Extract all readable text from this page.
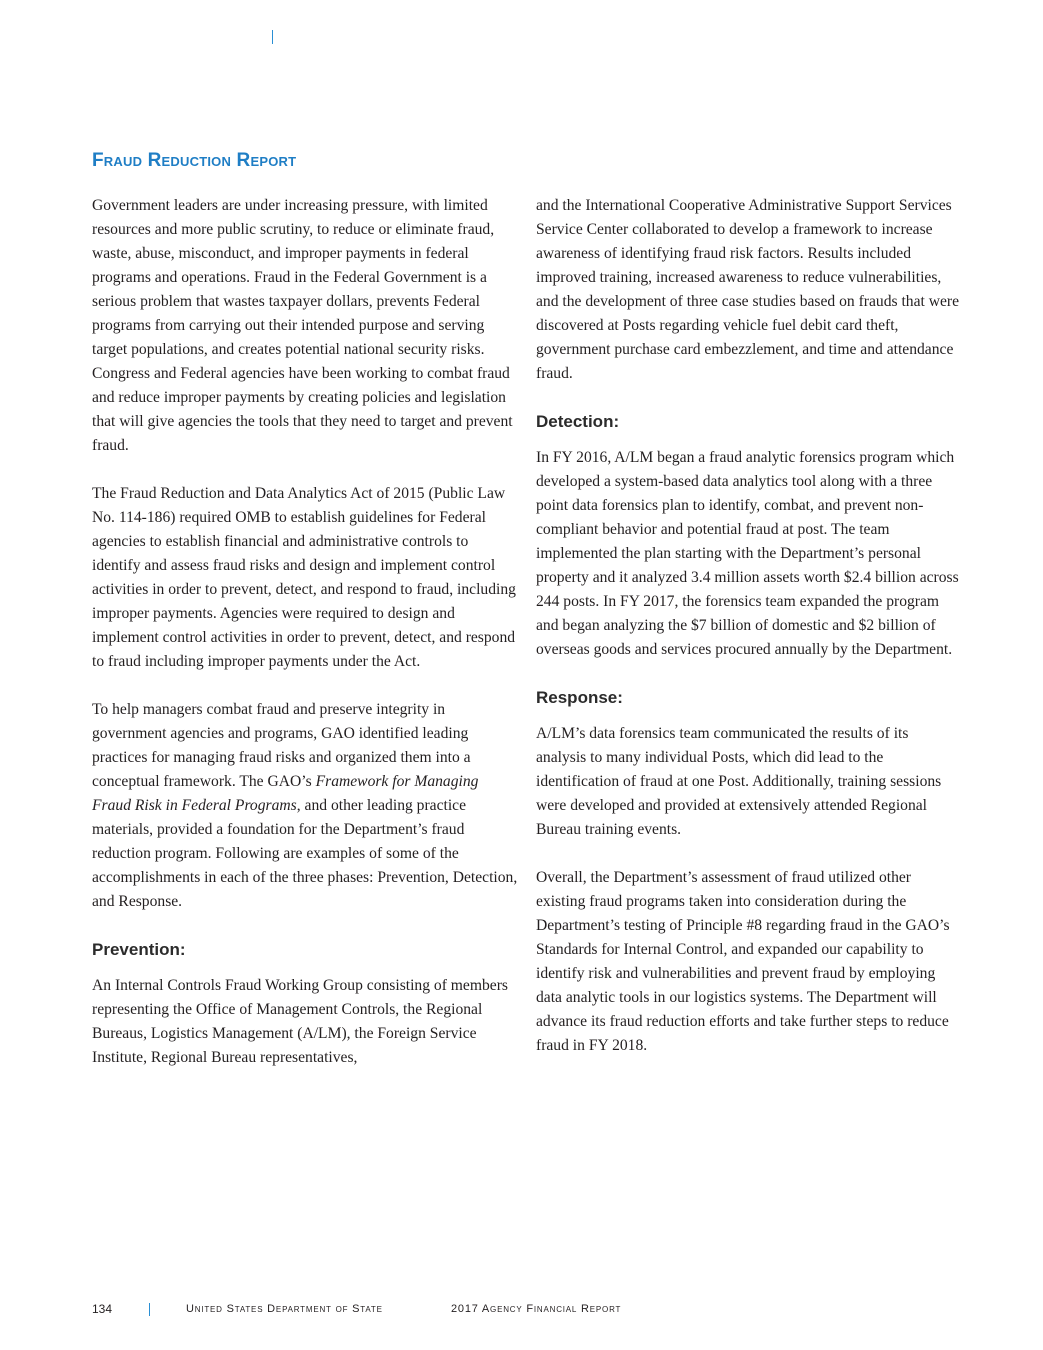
Fraud Reduction Report

Government leaders are under increasing pressure, with limited resources and more public scrutiny, to reduce or eliminate fraud, waste, abuse, misconduct, and improper payments in federal programs and operations. Fraud in the Federal Government is a serious problem that wastes taxpayer dollars, prevents Federal programs from carrying out their intended purpose and serving target populations, and creates potential national security risks. Congress and Federal agencies have been working to combat fraud and reduce improper payments by creating policies and legislation that will give agencies the tools that they need to target and prevent fraud.

The Fraud Reduction and Data Analytics Act of 2015 (Public Law No. 114-186) required OMB to establish guidelines for Federal agencies to establish financial and administrative controls to identify and assess fraud risks and design and implement control activities in order to prevent, detect, and respond to fraud, including improper payments. Agencies were required to design and implement control activities in order to prevent, detect, and respond to fraud including improper payments under the Act.

To help managers combat fraud and preserve integrity in government agencies and programs, GAO identified leading practices for managing fraud risks and organized them into a conceptual framework. The GAO’s Framework for Managing Fraud Risk in Federal Programs, and other leading practice materials, provided a foundation for the Department’s fraud reduction program. Following are examples of some of the accomplishments in each of the three phases: Prevention, Detection, and Response.

Prevention:

An Internal Controls Fraud Working Group consisting of members representing the Office of Management Controls, the Regional Bureaus, Logistics Management (A/LM), the Foreign Service Institute, Regional Bureau representatives,

and the International Cooperative Administrative Support Services Service Center collaborated to develop a framework to increase awareness of identifying fraud risk factors. Results included improved training, increased awareness to reduce vulnerabilities, and the development of three case studies based on frauds that were discovered at Posts regarding vehicle fuel debit card theft, government purchase card embezzlement, and time and attendance fraud.

Detection:

In FY 2016, A/LM began a fraud analytic forensics program which developed a system-based data analytics tool along with a three point data forensics plan to identify, combat, and prevent non-compliant behavior and potential fraud at post. The team implemented the plan starting with the Department’s personal property and it analyzed 3.4 million assets worth $2.4 billion across 244 posts. In FY 2017, the forensics team expanded the program and began analyzing the $7 billion of domestic and $2 billion of overseas goods and services procured annually by the Department.

Response:

A/LM’s data forensics team communicated the results of its analysis to many individual Posts, which did lead to the identification of fraud at one Post. Additionally, training sessions were developed and provided at extensively attended Regional Bureau training events.

Overall, the Department’s assessment of fraud utilized other existing fraud programs taken into consideration during the Department’s testing of Principle #8 regarding fraud in the GAO’s Standards for Internal Control, and expanded our capability to identify risk and vulnerabilities and prevent fraud by employing data analytic tools in our logistics systems. The Department will advance its fraud reduction efforts and take further steps to reduce fraud in FY 2018.

134	United States Department of State	2017 Agency Financial Report
